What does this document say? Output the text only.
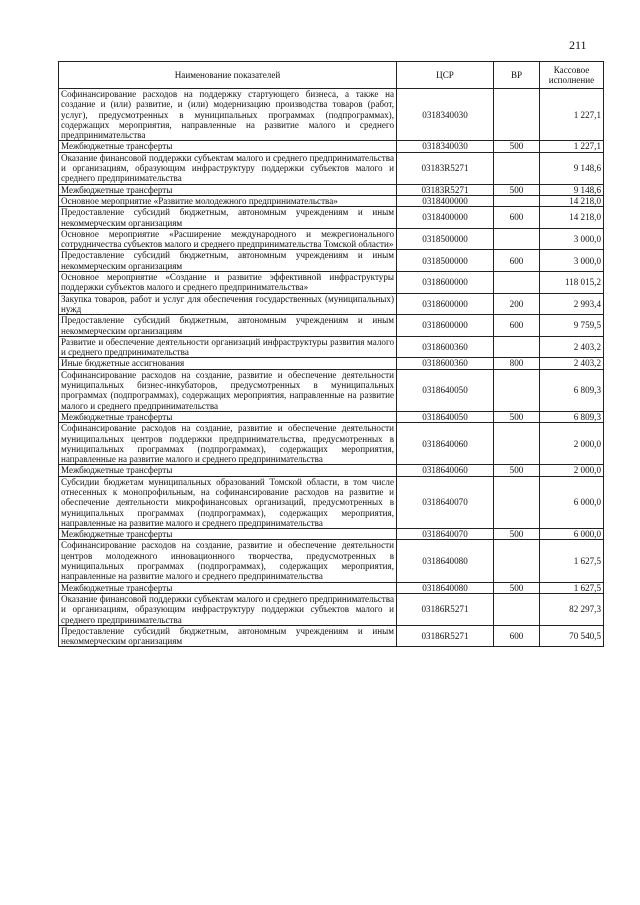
211
Наименование показателей	ЦСР	ВР	Кассовое исполнение
Софинансирование расходов на поддержку стартующего бизнеса, а также на создание и (или) развитие, и (или) модернизацию производства товаров (работ, услуг), предусмотренных в муниципальных программах (подпрограммах), содержащих мероприятия, направленные на развитие малого и среднего предпринимательства	0318340030		1 227,1
Межбюджетные трансферты	0318340030	500	1 227,1
Оказание финансовой поддержки субъектам малого и среднего предпринимательства и организациям, образующим инфраструктуру поддержки субъектов малого и среднего предпринимательства	03183R5271		9 148,6
Межбюджетные трансферты	03183R5271	500	9 148,6
Основное мероприятие «Развитие молодежного предпринимательства»	0318400000		14 218,0
Предоставление субсидий бюджетным, автономным учреждениям и иным некоммерческим организациям	0318400000	600	14 218,0
Основное мероприятие «Расширение международного и межрегионального сотрудничества субъектов малого и среднего предпринимательства Томской области»	0318500000		3 000,0
Предоставление субсидий бюджетным, автономным учреждениям и иным некоммерческим организациям	0318500000	600	3 000,0
Основное мероприятие «Создание и развитие эффективной инфраструктуры поддержки субъектов малого и среднего предпринимательства»	0318600000		118 015,2
Закупка товаров, работ и услуг для обеспечения государственных (муниципальных) нужд	0318600000	200	2 993,4
Предоставление субсидий бюджетным, автономным учреждениям и иным некоммерческим организациям	0318600000	600	9 759,5
Развитие и обеспечение деятельности организаций инфраструктуры развития малого и среднего предпринимательства	0318600360		2 403,2
Иные бюджетные ассигнования	0318600360	800	2 403,2
Софинансирование расходов на создание, развитие и обеспечение деятельности муниципальных бизнес-инкубаторов, предусмотренных в муниципальных программах (подпрограммах), содержащих мероприятия, направленные на развитие малого и среднего предпринимательства	0318640050		6 809,3
Межбюджетные трансферты	0318640050	500	6 809,3
Софинансирование расходов на создание, развитие и обеспечение деятельности муниципальных центров поддержки предпринимательства, предусмотренных в муниципальных программах (подпрограммах), содержащих мероприятия, направленные на развитие малого и среднего предпринимательства	0318640060		2 000,0
Межбюджетные трансферты	0318640060	500	2 000,0
Субсидии бюджетам муниципальных образований Томской области, в том числе отнесенных к монопрофильным, на софинансирование расходов на развитие и обеспечение деятельности микрофинансовых организаций, предусмотренных в муниципальных программах (подпрограммах), содержащих мероприятия, направленные на развитие малого и среднего предпринимательства	0318640070		6 000,0
Межбюджетные трансферты	0318640070	500	6 000,0
Софинансирование расходов на создание, развитие и обеспечение деятельности центров молодежного инновационного творчества, предусмотренных в муниципальных программах (подпрограммах), содержащих мероприятия, направленные на развитие малого и среднего предпринимательства	0318640080		1 627,5
Межбюджетные трансферты	0318640080	500	1 627,5
Оказание финансовой поддержки субъектам малого и среднего предпринимательства и организациям, образующим инфраструктуру поддержки субъектов малого и среднего предпринимательства	03186R5271		82 297,3
Предоставление субсидий бюджетным, автономным учреждениям и иным некоммерческим организациям	03186R5271	600	70 540,5
